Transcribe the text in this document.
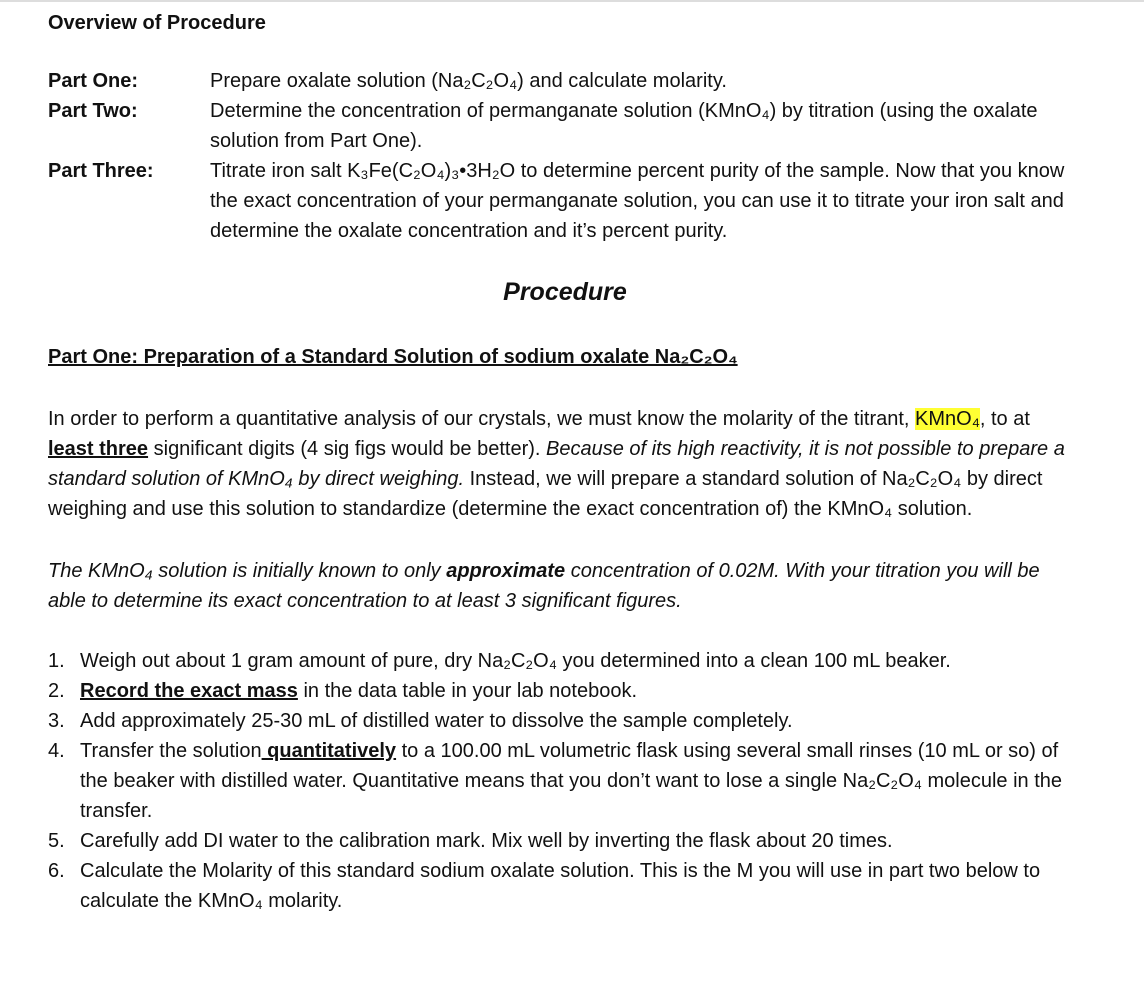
Overview of Procedure
Part One:	Prepare oxalate solution (Na₂C₂O₄) and calculate molarity.
Part Two:	Determine the concentration of permanganate solution (KMnO₄) by titration (using the oxalate solution from Part One).
Part Three:	Titrate iron salt K₃Fe(C₂O₄)₃•3H₂O to determine percent purity of the sample. Now that you know the exact concentration of your permanganate solution, you can use it to titrate your iron salt and determine the oxalate concentration and it’s percent purity.
Procedure
Part One: Preparation of a Standard Solution of sodium oxalate Na₂C₂O₄
In order to perform a quantitative analysis of our crystals, we must know the molarity of the titrant, KMnO₄, to at least three significant digits (4 sig figs would be better). Because of its high reactivity, it is not possible to prepare a standard solution of KMnO₄ by direct weighing. Instead, we will prepare a standard solution of Na₂C₂O₄ by direct weighing and use this solution to standardize (determine the exact concentration of) the KMnO₄ solution.
The KMnO₄ solution is initially known to only approximate concentration of 0.02M. With your titration you will be able to determine its exact concentration to at least 3 significant figures.
1. Weigh out about 1 gram amount of pure, dry Na₂C₂O₄ you determined into a clean 100 mL beaker.
2. Record the exact mass in the data table in your lab notebook.
3. Add approximately 25-30 mL of distilled water to dissolve the sample completely.
4. Transfer the solution quantitatively to a 100.00 mL volumetric flask using several small rinses (10 mL or so) of the beaker with distilled water. Quantitative means that you don’t want to lose a single Na₂C₂O₄ molecule in the transfer.
5. Carefully add DI water to the calibration mark. Mix well by inverting the flask about 20 times.
6. Calculate the Molarity of this standard sodium oxalate solution. This is the M you will use in part two below to calculate the KMnO₄ molarity.
